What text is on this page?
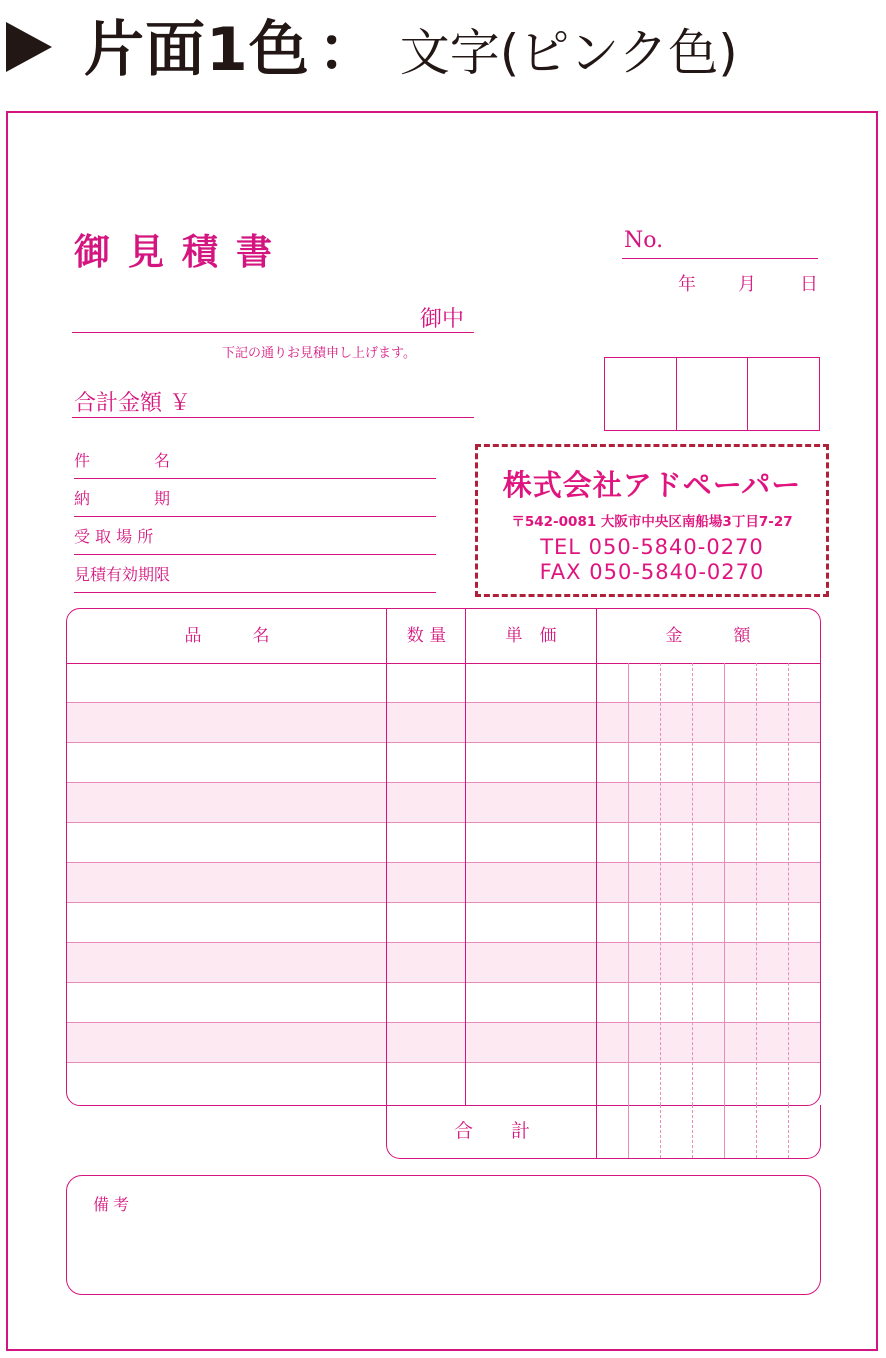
片面1色 ： 文字(ピンク色)
御見積書	No.
年 月 日
御中
下記の通りお見積申し上げます。
合計金額 ￥
件　　　　名
納　　　　期
受 取 場 所
見積有効期限
株式会社アドペーパー
〒542-0081 大阪市中央区南船場3丁目7-27
TEL 050-5840-0270
FAX 050-5840-0270
品　　　名	数 量	単　価	金　　　額
合　　計
備考
